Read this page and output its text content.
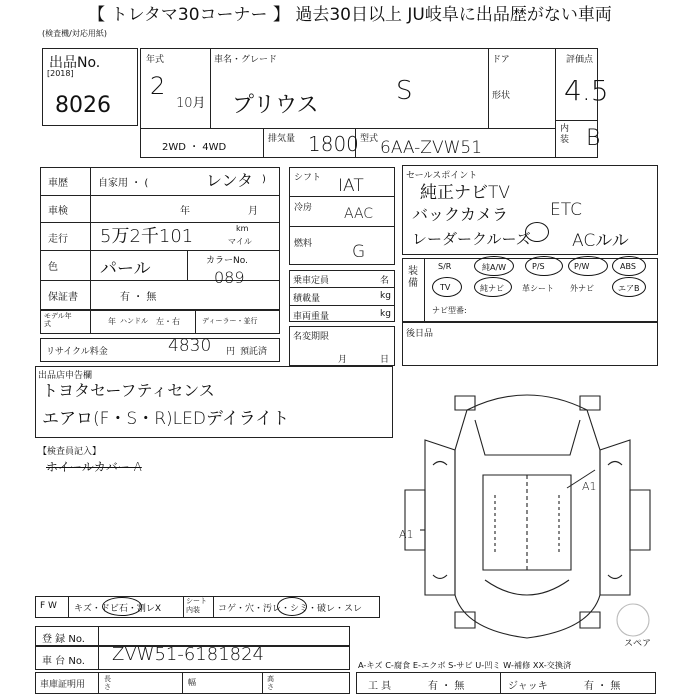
【 トレタマ30コーナー 】 過去30日以上 JU岐阜に出品歴がない車両
(検査機/対応用紙)
出品No.
[2018]
8026
年式
2
10月
車名・グレード
プリウス	S
ドア
形状
評価点
4.5
内装 B
2WD ・ 4WD
排気量 1800 型式 6AA-ZVW51
車歴	自家用 ・ (	レンタ )
車検	年	月
走行 5万2千101	km
マイル
色 パール	カラーNo.
089
保証書	有 ・ 無
モデル年式	年 ハンドル 左・右	ディーラー・並行
リサイクル料金	4830 円 預託済
シフト IAT
冷房 AAC
燃料 G
乗車定員	名
積載量	kg
車両重量	kg
名変期限
月	日
セールスポイント
純正ナビTV
バックカメラ ETC
レーダークルーズ ACルル
装備
S/R	純A/W	P/S	P/W	ABS
TV	純ナビ 革シート 外ナビ	エアB
ナビ型番:
後日品
出品店申告欄
トヨタセーフティセンス
エアロ(F・S・R)LEDデイライト
【検査員記入】
ホイールカバー A
A1
A1
スペア
F W キズ・ドビ石・割レX
シート内装	コゲ・穴・汚レ・シミ・破レ・スレ
登 録 No.
車 台 No. ZVW51-6181824
車庫証明用
長さ	幅	高さ
A-キズ C-腐食 E-エクボ S-サビ U-凹ミ W-補修 XX-交換済
工 具	有 ・ 無	ジャッキ	有 ・ 無
